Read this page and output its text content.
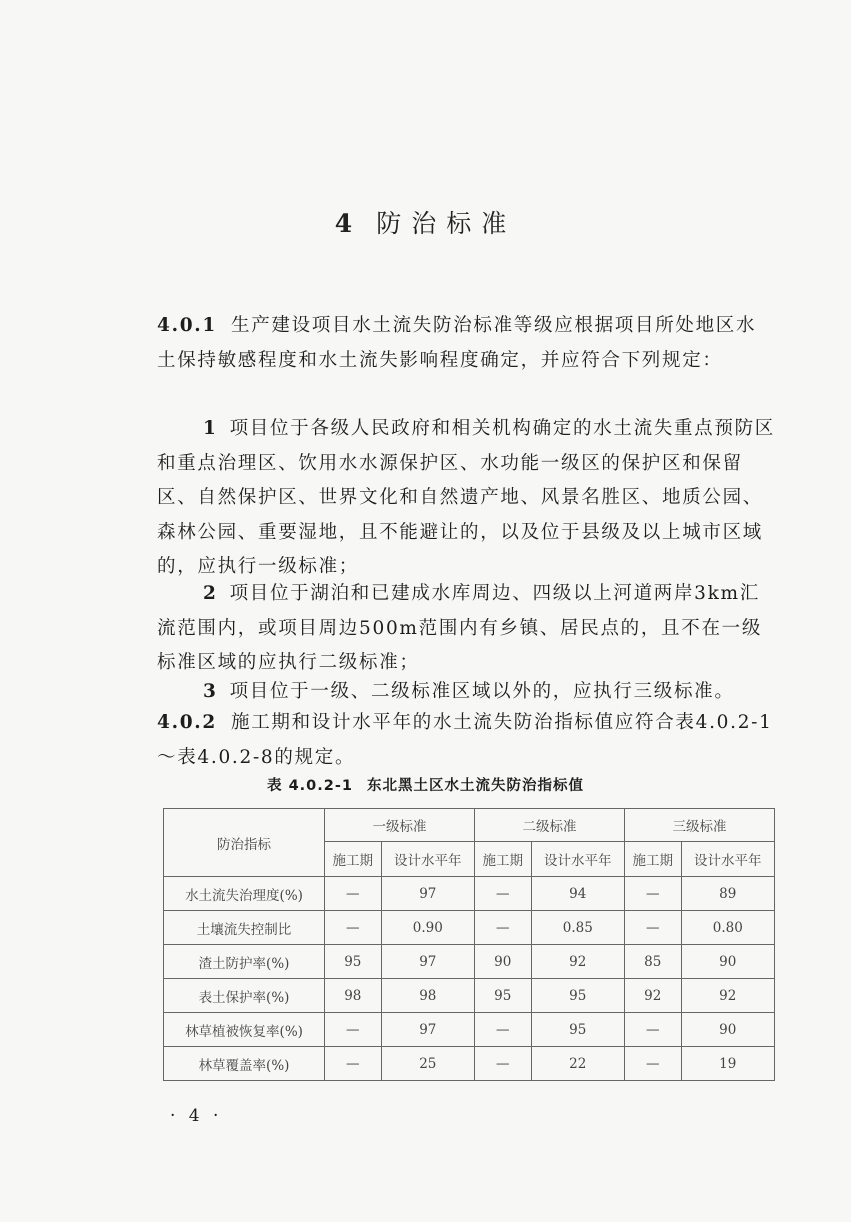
4 防治标准

4.0.1 生产建设项目水土流失防治标准等级应根据项目所处地区水土保持敏感程度和水土流失影响程度确定，并应符合下列规定：

1 项目位于各级人民政府和相关机构确定的水土流失重点预防区和重点治理区、饮用水水源保护区、水功能一级区的保护区和保留区、自然保护区、世界文化和自然遗产地、风景名胜区、地质公园、森林公园、重要湿地，且不能避让的，以及位于县级及以上城市区域的，应执行一级标准；

2 项目位于湖泊和已建成水库周边、四级以上河道两岸3km汇流范围内，或项目周边500m范围内有乡镇、居民点的，且不在一级标准区域的应执行二级标准；

3 项目位于一级、二级标准区域以外的，应执行三级标准。

4.0.2 施工期和设计水平年的水土流失防治指标值应符合表4.0.2-1～表4.0.2-8的规定。

表 4.0.2-1 东北黑土区水土流失防治指标值
防治指标	一级标准		二级标准		三级标准	
	施工期	设计水平年	施工期	设计水平年	施工期	设计水平年
水土流失治理度(%)	—	97	—	94	—	89
土壤流失控制比	—	0.90	—	0.85	—	0.80
渣土防护率(%)	95	97	90	92	85	90
表土保护率(%)	98	98	95	95	92	92
林草植被恢复率(%)	—	97	—	95	—	90
林草覆盖率(%)	—	25	—	22	—	19
· 4 ·
